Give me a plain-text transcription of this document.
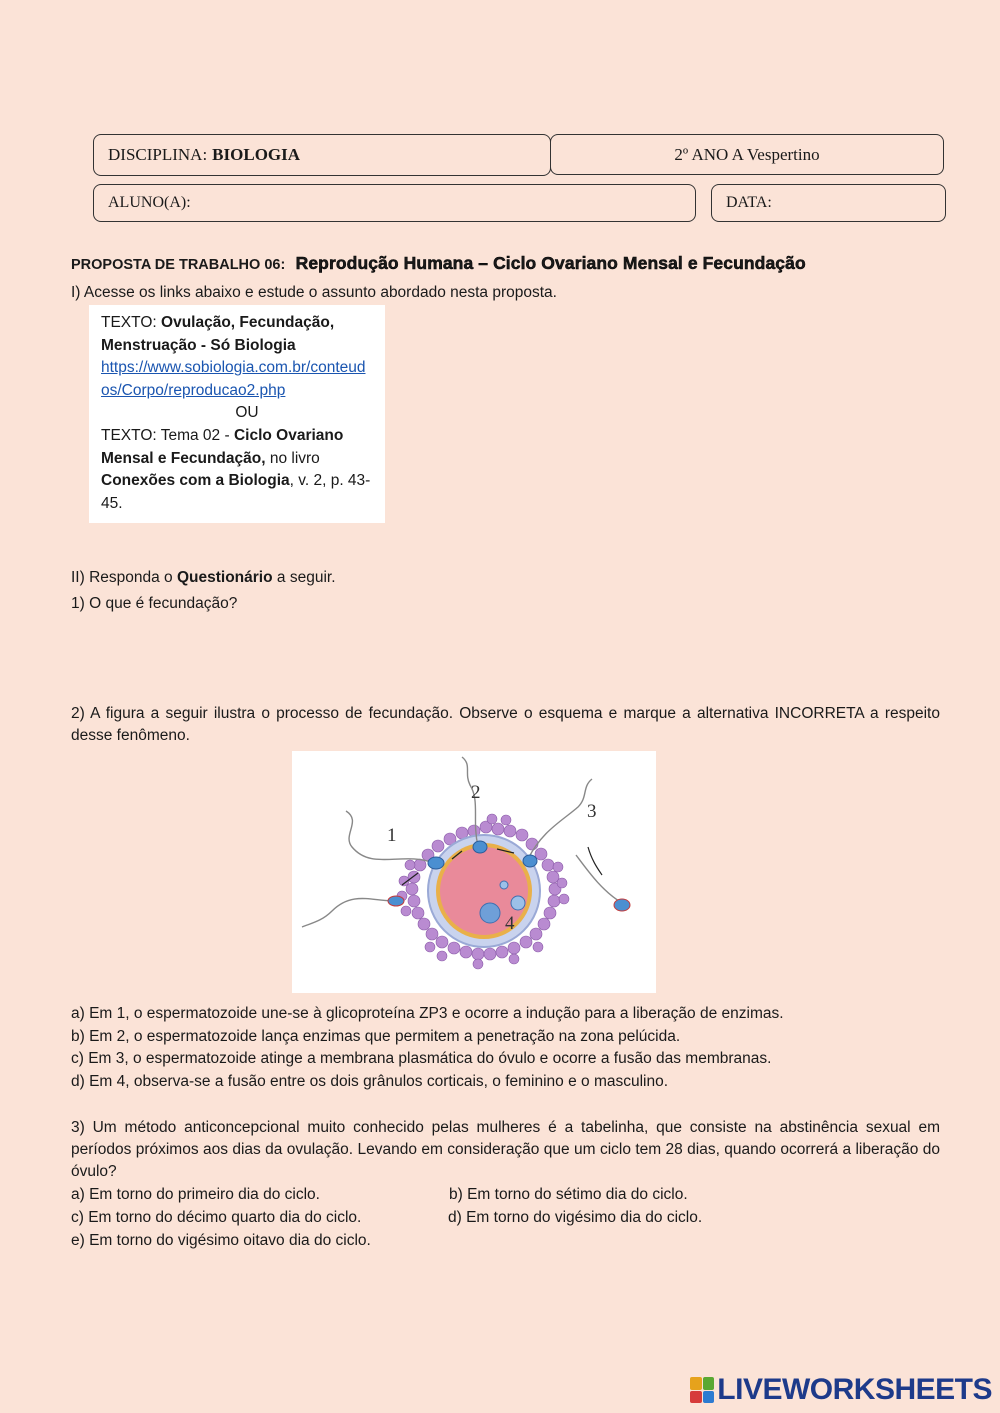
DISCIPLINA: BIOLOGIA	2º ANO A Vespertino
ALUNO(A):	DATA:
PROPOSTA DE TRABALHO 06: Reprodução Humana – Ciclo Ovariano Mensal e Fecundação
I) Acesse os links abaixo e estude o assunto abordado nesta proposta.
TEXTO: Ovulação, Fecundação, Menstruação - Só Biologia
https://www.sobiologia.com.br/conteudos/Corpo/reproducao2.php

OU
TEXTO: Tema 02 - Ciclo Ovariano Mensal e Fecundação, no livro Conexões com a Biologia, v. 2, p. 43-45.
II) Responda o Questionário a seguir.
1) O que é fecundação?
2) A figura a seguir ilustra o processo de fecundação. Observe o esquema e marque a alternativa INCORRETA a respeito desse fenômeno.
1
2
3
4
a) Em 1, o espermatozoide une-se à glicoproteína ZP3 e ocorre a indução para a liberação de enzimas.
b) Em 2, o espermatozoide lança enzimas que permitem a penetração na zona pelúcida.
c) Em 3, o espermatozoide atinge a membrana plasmática do óvulo e ocorre a fusão das membranas.
d) Em 4, observa-se a fusão entre os dois grânulos corticais, o feminino e o masculino.
3) Um método anticoncepcional muito conhecido pelas mulheres é a tabelinha, que consiste na abstinência sexual em períodos próximos aos dias da ovulação. Levando em consideração que um ciclo tem 28 dias, quando ocorrerá a liberação do óvulo?
a) Em torno do primeiro dia do ciclo.	b) Em torno do sétimo dia do ciclo.
c) Em torno do décimo quarto dia do ciclo.	d) Em torno do vigésimo dia do ciclo.
e) Em torno do vigésimo oitavo dia do ciclo.
LIVEWORKSHEETS
